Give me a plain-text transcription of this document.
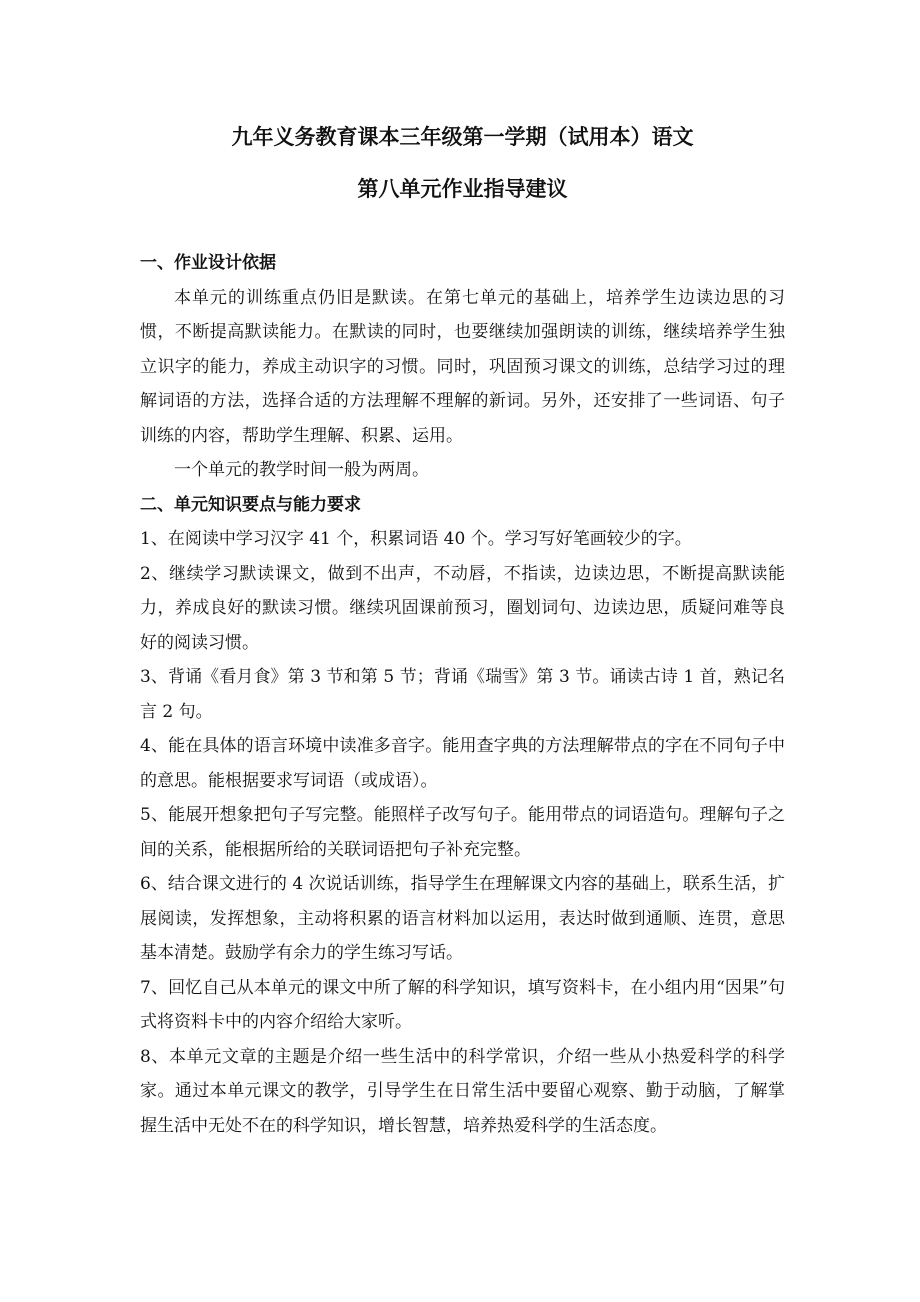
九年义务教育课本三年级第一学期（试用本）语文

第八单元作业指导建议

一、作业设计依据

本单元的训练重点仍旧是默读。在第七单元的基础上，培养学生边读边思的习惯，不断提高默读能力。在默读的同时，也要继续加强朗读的训练，继续培养学生独立识字的能力，养成主动识字的习惯。同时，巩固预习课文的训练，总结学习过的理解词语的方法，选择合适的方法理解不理解的新词。另外，还安排了一些词语、句子训练的内容，帮助学生理解、积累、运用。

一个单元的教学时间一般为两周。

二、单元知识要点与能力要求

1、在阅读中学习汉字 41 个，积累词语 40 个。学习写好笔画较少的字。

2、继续学习默读课文，做到不出声，不动唇，不指读，边读边思，不断提高默读能力，养成良好的默读习惯。继续巩固课前预习，圈划词句、边读边思，质疑问难等良好的阅读习惯。

3、背诵《看月食》第 3 节和第 5 节；背诵《瑞雪》第 3 节。诵读古诗 1 首，熟记名言 2 句。

4、能在具体的语言环境中读准多音字。能用查字典的方法理解带点的字在不同句子中的意思。能根据要求写词语（或成语）。

5、能展开想象把句子写完整。能照样子改写句子。能用带点的词语造句。理解句子之间的关系，能根据所给的关联词语把句子补充完整。

6、结合课文进行的 4 次说话训练，指导学生在理解课文内容的基础上，联系生活，扩展阅读，发挥想象，主动将积累的语言材料加以运用，表达时做到通顺、连贯，意思基本清楚。鼓励学有余力的学生练习写话。

7、回忆自己从本单元的课文中所了解的科学知识，填写资料卡，在小组内用“因果”句式将资料卡中的内容介绍给大家听。

8、本单元文章的主题是介绍一些生活中的科学常识，介绍一些从小热爱科学的科学家。通过本单元课文的教学，引导学生在日常生活中要留心观察、勤于动脑，了解掌握生活中无处不在的科学知识，增长智慧，培养热爱科学的生活态度。
